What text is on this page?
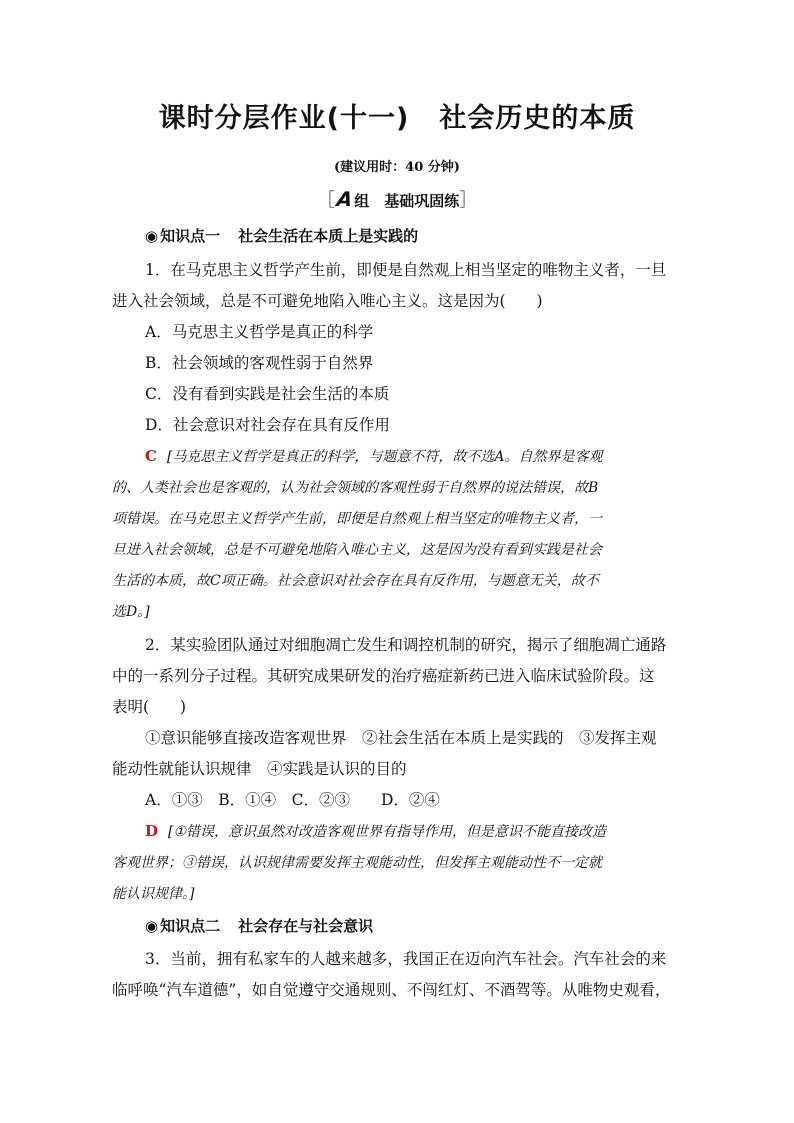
课时分层作业(十一) 社会历史的本质
(建议用时：40 分钟)
［A组　基础巩固练］
◉ 知识点一 社会生活在本质上是实践的
1．在马克思主义哲学产生前，即便是自然观上相当坚定的唯物主义者，一旦
进入社会领域，总是不可避免地陷入唯心主义。这是因为(　　)
A．马克思主义哲学是真正的科学
B．社会领域的客观性弱于自然界
C．没有看到实践是社会生活的本质
D．社会意识对社会存在具有反作用
C [马克思主义哲学是真正的科学，与题意不符，故不选A。自然界是客观
的、人类社会也是客观的，认为社会领域的客观性弱于自然界的说法错误，故B
项错误。在马克思主义哲学产生前，即便是自然观上相当坚定的唯物主义者，一
旦进入社会领域，总是不可避免地陷入唯心主义，这是因为没有看到实践是社会
生活的本质，故C项正确。社会意识对社会存在具有反作用，与题意无关，故不
选D。]
2．某实验团队通过对细胞凋亡发生和调控机制的研究，揭示了细胞凋亡通路
中的一系列分子过程。其研究成果研发的治疗癌症新药已进入临床试验阶段。这
表明(　　)
①意识能够直接改造客观世界　②社会生活在本质上是实践的　③发挥主观
能动性就能认识规律　④实践是认识的目的
A．①③　B．①④　C．②③　　D．②④
D [①错误，意识虽然对改造客观世界有指导作用，但是意识不能直接改造
客观世界；③错误，认识规律需要发挥主观能动性，但发挥主观能动性不一定就
能认识规律。]
◉ 知识点二 社会存在与社会意识
3．当前，拥有私家车的人越来越多，我国正在迈向汽车社会。汽车社会的来
临呼唤“汽车道德”，如自觉遵守交通规则、不闯红灯、不酒驾等。从唯物史观看，
